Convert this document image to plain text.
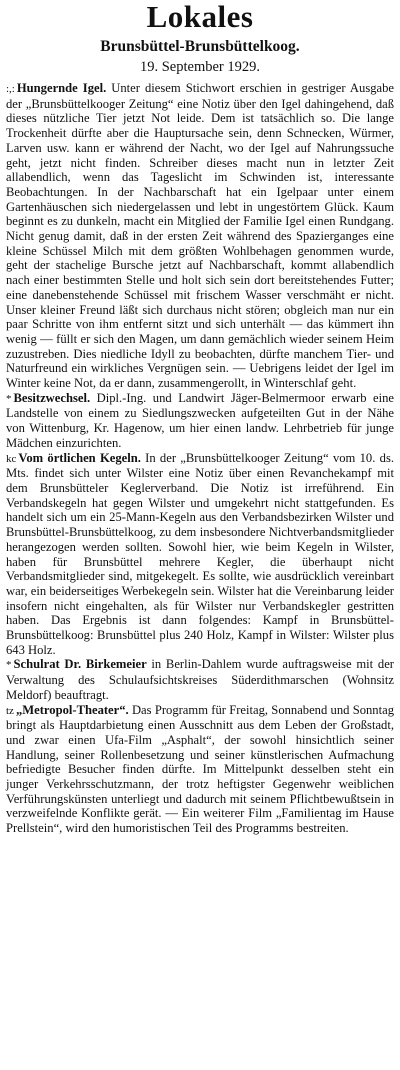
Lokales
Brunsbüttel-Brunsbüttelkoog.
19. September 1929.

:,: Hungernde Igel. Unter diesem Stichwort erschien in gestriger Ausgabe der „Brunsbüttelkooger Zeitung“ eine Notiz über den Igel dahingehend, daß dieses nützliche Tier jetzt Not leide. Dem ist tatsächlich so. Die lange Trockenheit dürfte aber die Hauptursache sein, denn Schnecken, Würmer, Larven usw. kann er während der Nacht, wo der Igel auf Nahrungssuche geht, jetzt nicht finden. Schreiber dieses macht nun in letzter Zeit allabendlich, wenn das Tageslicht im Schwinden ist, interessante Beobachtungen. In der Nachbarschaft hat ein Igelpaar unter einem Gartenhäuschen sich niedergelassen und lebt in ungestörtem Glück. Kaum beginnt es zu dunkeln, macht ein Mitglied der Familie Igel einen Rundgang. Nicht genug damit, daß in der ersten Zeit während des Spazierganges eine kleine Schüssel Milch mit dem größten Wohlbehagen genommen wurde, geht der stachelige Bursche jetzt auf Nachbarschaft, kommt allabendlich nach einer bestimmten Stelle und holt sich sein dort bereitstehendes Futter; eine danebenstehende Schüssel mit frischem Wasser verschmäht er nicht. Unser kleiner Freund läßt sich durchaus nicht stören; obgleich man nur ein paar Schritte von ihm entfernt sitzt und sich unterhält — das kümmert ihn wenig — füllt er sich den Magen, um dann gemächlich wieder seinem Heim zuzustreben. Dies niedliche Idyll zu beobachten, dürfte manchem Tier- und Naturfreund ein wirkliches Vergnügen sein. — Uebrigens leidet der Igel im Winter keine Not, da er dann, zusammengerollt, in Winterschlaf geht.

* Besitzwechsel. Dipl.-Ing. und Landwirt Jäger-Belmermoor erwarb eine Landstelle von einem zu Siedlungszwecken aufgeteilten Gut in der Nähe von Wittenburg, Kr. Hagenow, um hier einen landw. Lehrbetrieb für junge Mädchen einzurichten.

kc Vom örtlichen Kegeln. In der „Brunsbüttelkooger Zeitung“ vom 10. ds. Mts. findet sich unter Wilster eine Notiz über einen Revanchekampf mit dem Brunsbütteler Keglerverband. Die Notiz ist irreführend. Ein Verbandskegeln hat gegen Wilster und umgekehrt nicht stattgefunden. Es handelt sich um ein 25-Mann-Kegeln aus den Verbandsbezirken Wilster und Brunsbüttel-Brunsbüttelkoog, zu dem insbesondere Nichtverbandsmitglieder herangezogen werden sollten. Sowohl hier, wie beim Kegeln in Wilster, haben für Brunsbüttel mehrere Kegler, die überhaupt nicht Verbandsmitglieder sind, mitgekegelt. Es sollte, wie ausdrücklich vereinbart war, ein beiderseitiges Werbekegeln sein. Wilster hat die Vereinbarung leider insofern nicht eingehalten, als für Wilster nur Verbandskegler gestritten haben. Das Ergebnis ist dann folgendes: Kampf in Brunsbüttel-Brunsbüttelkoog: Brunsbüttel plus 240 Holz, Kampf in Wilster: Wilster plus 643 Holz.

* Schulrat Dr. Birkemeier in Berlin-Dahlem wurde auftragsweise mit der Verwaltung des Schulaufsichtskreises Süderdithmarschen (Wohnsitz Meldorf) beauftragt.

tz „Metropol-Theater“. Das Programm für Freitag, Sonnabend und Sonntag bringt als Hauptdarbietung einen Ausschnitt aus dem Leben der Großstadt, und zwar einen Ufa-Film „Asphalt“, der sowohl hinsichtlich seiner Handlung, seiner Rollenbesetzung und seiner künstlerischen Aufmachung befriedigte Besucher finden dürfte. Im Mittelpunkt desselben steht ein junger Verkehrsschutzmann, der trotz heftigster Gegenwehr weiblichen Verführungskünsten unterliegt und dadurch mit seinem Pflichtbewußtsein in verzweifelnde Konflikte gerät. — Ein weiterer Film „Familientag im Hause Prellstein“, wird den humoristischen Teil des Programms bestreiten.
